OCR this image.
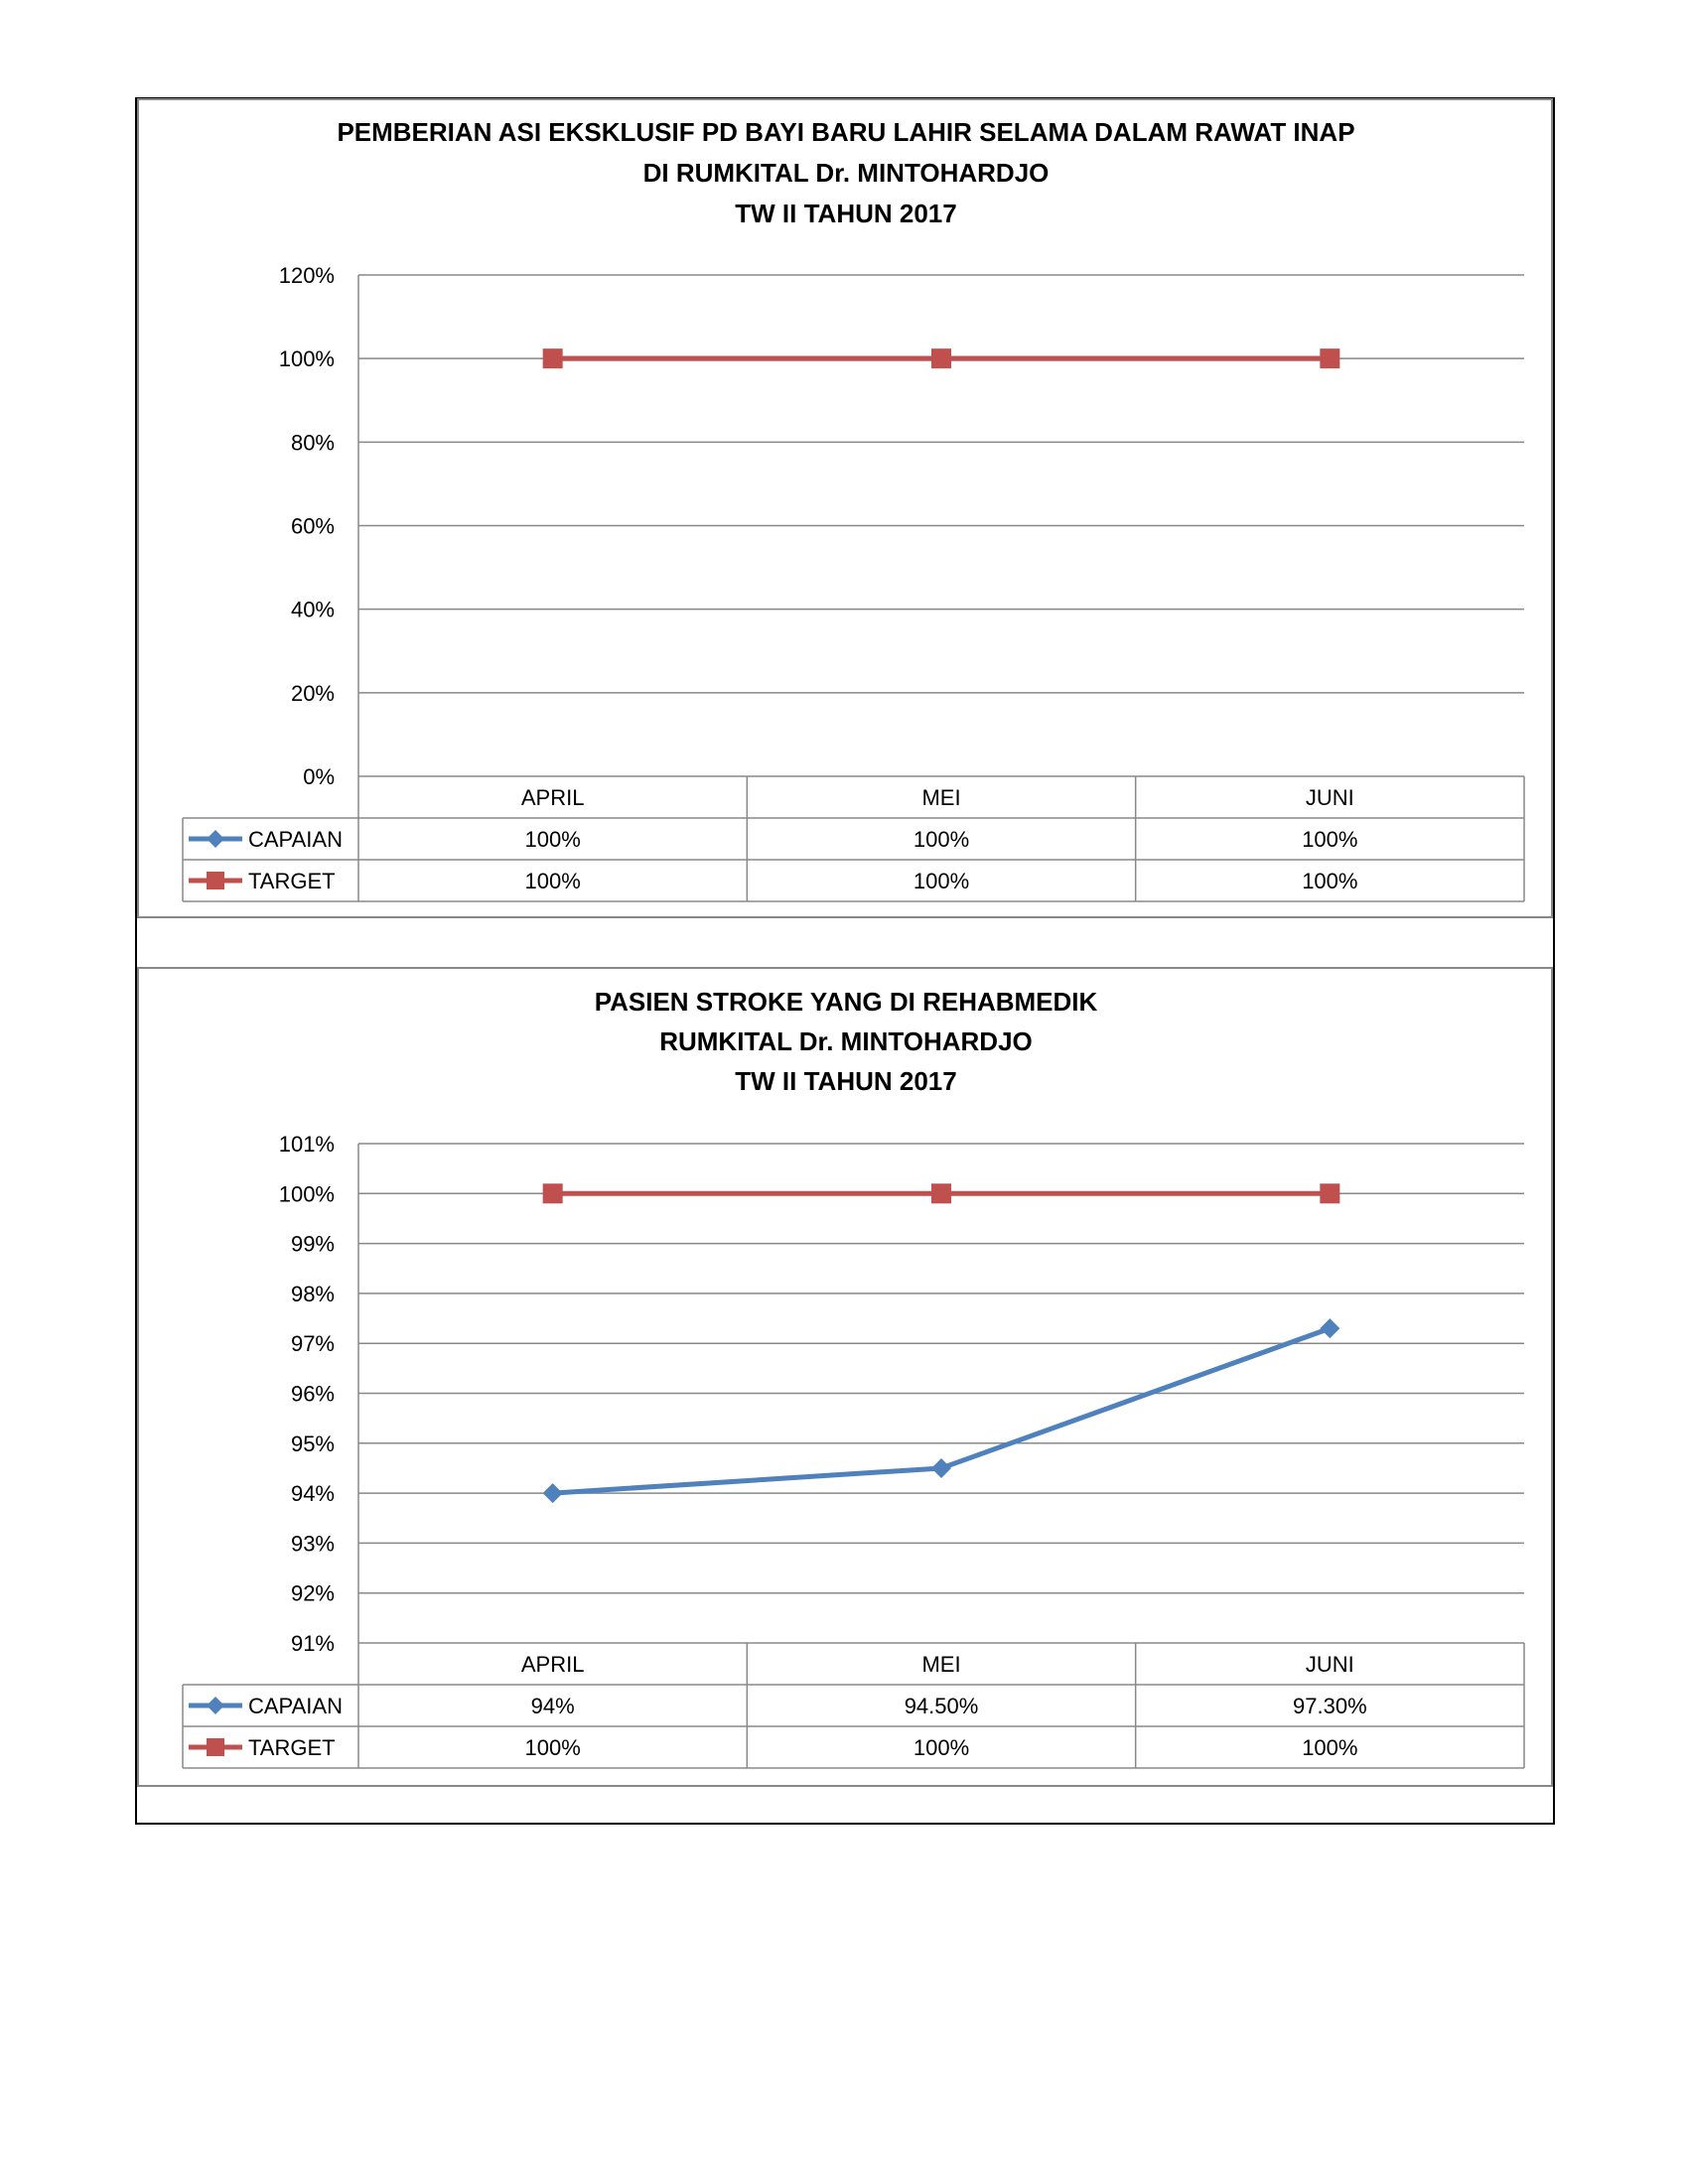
PEMBERIAN ASI EKSKLUSIF PD BAYI BARU LAHIR SELAMA DALAM RAWAT INAP
DI RUMKITAL Dr. MINTOHARDJO
TW II TAHUN 2017
0%
20%
40%
60%
80%
100%
120%
APRIL	MEI	JUNI
CAPAIAN	100%	100%	100%
TARGET	100%	100%	100%
PASIEN STROKE YANG DI REHABMEDIK
RUMKITAL Dr. MINTOHARDJO
TW II TAHUN 2017
91%
92%
93%
94%
95%
96%
97%
98%
99%
100%
101%
APRIL	MEI	JUNI
CAPAIAN	94%	94.50%	97.30%
TARGET	100%	100%	100%
